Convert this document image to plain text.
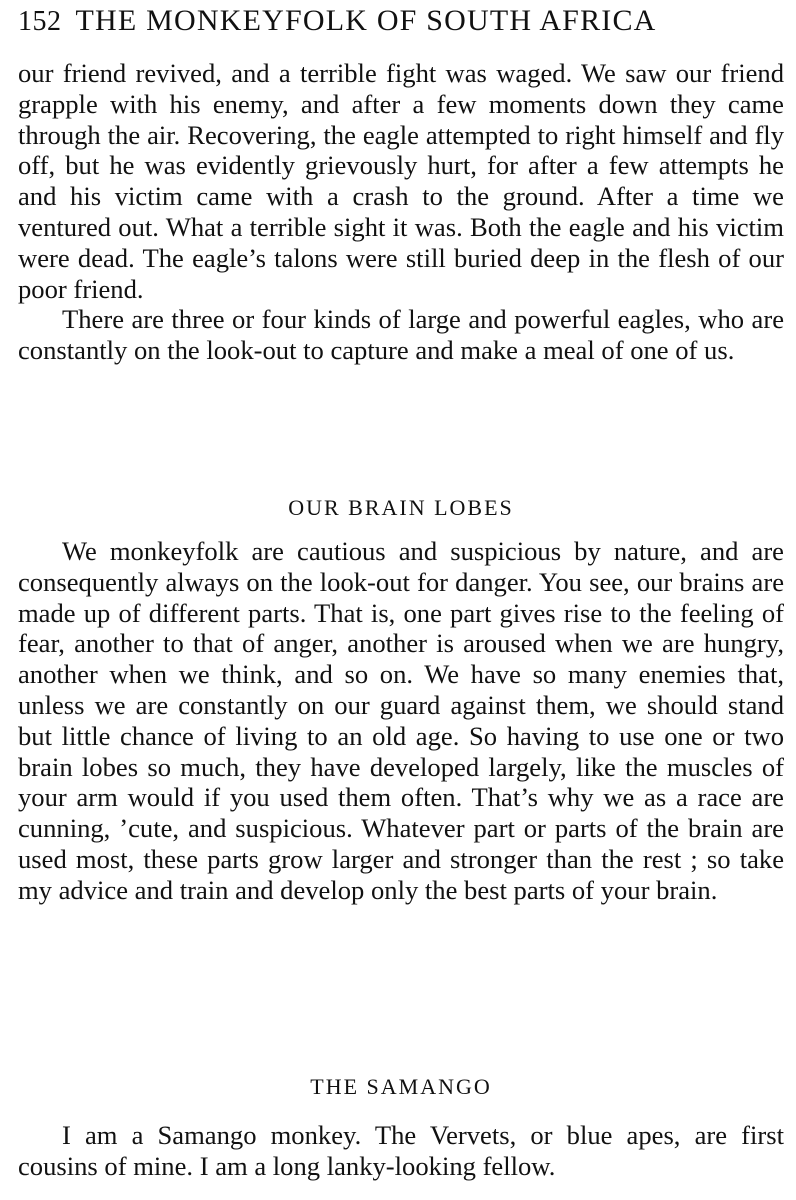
152 THE MONKEYFOLK OF SOUTH AFRICA

our friend revived, and a terrible fight was waged. We saw our friend grapple with his enemy, and after a few moments down they came through the air. Recovering, the eagle attempted to right himself and fly off, but he was evidently grievously hurt, for after a few attempts he and his victim came with a crash to the ground. After a time we ventured out. What a terrible sight it was. Both the eagle and his victim were dead. The eagle’s talons were still buried deep in the flesh of our poor friend.

There are three or four kinds of large and powerful eagles, who are constantly on the look-out to capture and make a meal of one of us.

OUR BRAIN LOBES

We monkeyfolk are cautious and suspicious by nature, and are consequently always on the look-out for danger. You see, our brains are made up of different parts. That is, one part gives rise to the feeling of fear, another to that of anger, another is aroused when we are hungry, another when we think, and so on. We have so many enemies that, unless we are constantly on our guard against them, we should stand but little chance of living to an old age. So having to use one or two brain lobes so much, they have developed largely, like the muscles of your arm would if you used them often. That’s why we as a race are cunning, ’cute, and suspicious. Whatever part or parts of the brain are used most, these parts grow larger and stronger than the rest ; so take my advice and train and develop only the best parts of your brain.

THE SAMANGO

I am a Samango monkey. The Vervets, or blue apes, are first cousins of mine. I am a long lanky-looking fellow.
